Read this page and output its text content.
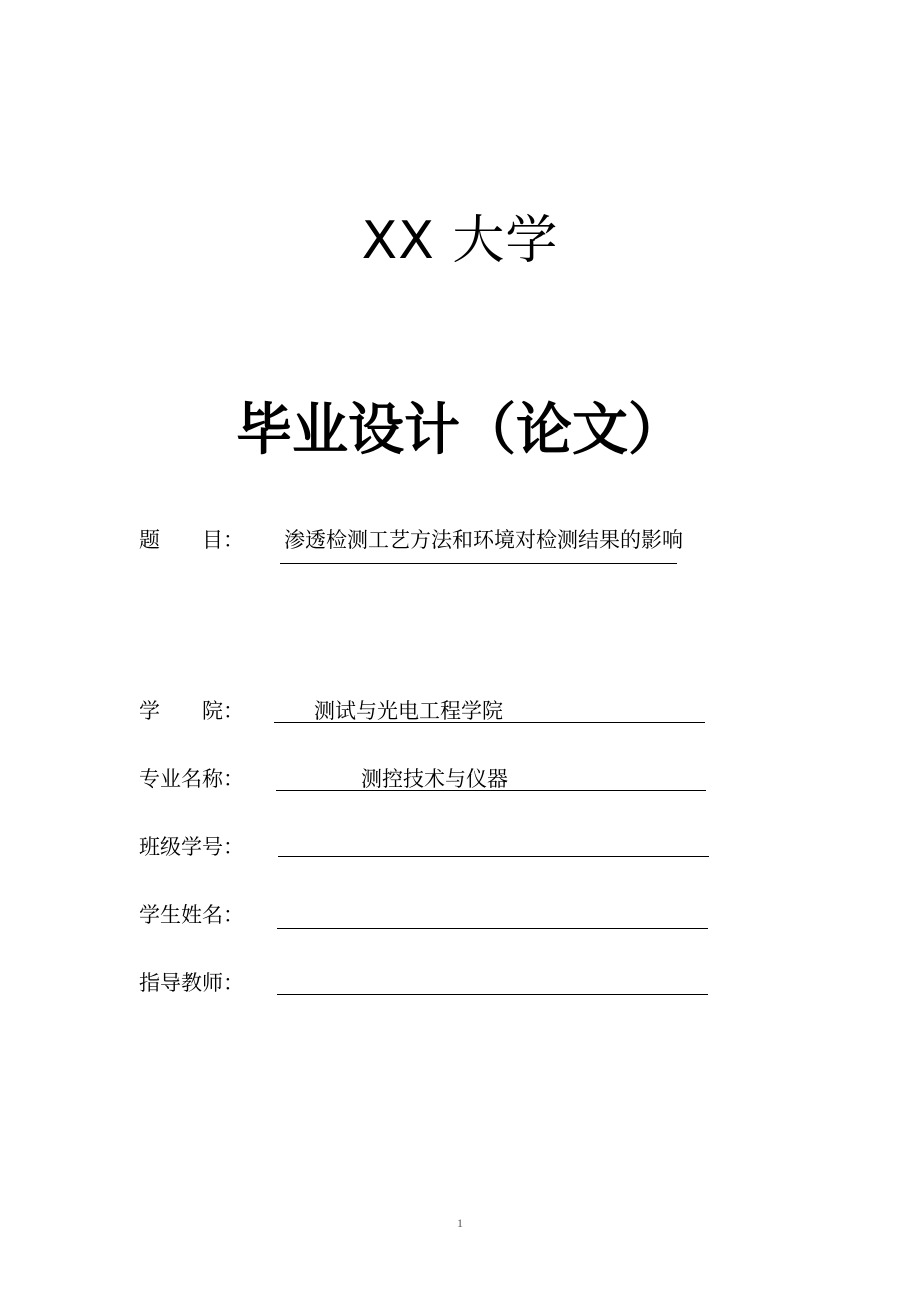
XX 大学
毕业设计（论文）
题　　目： 渗透检测工艺方法和环境对检测结果的影响
学　　院：	测试与光电工程学院
专业名称：	测控技术与仪器
班级学号：
学生姓名：
指导教师：
1
